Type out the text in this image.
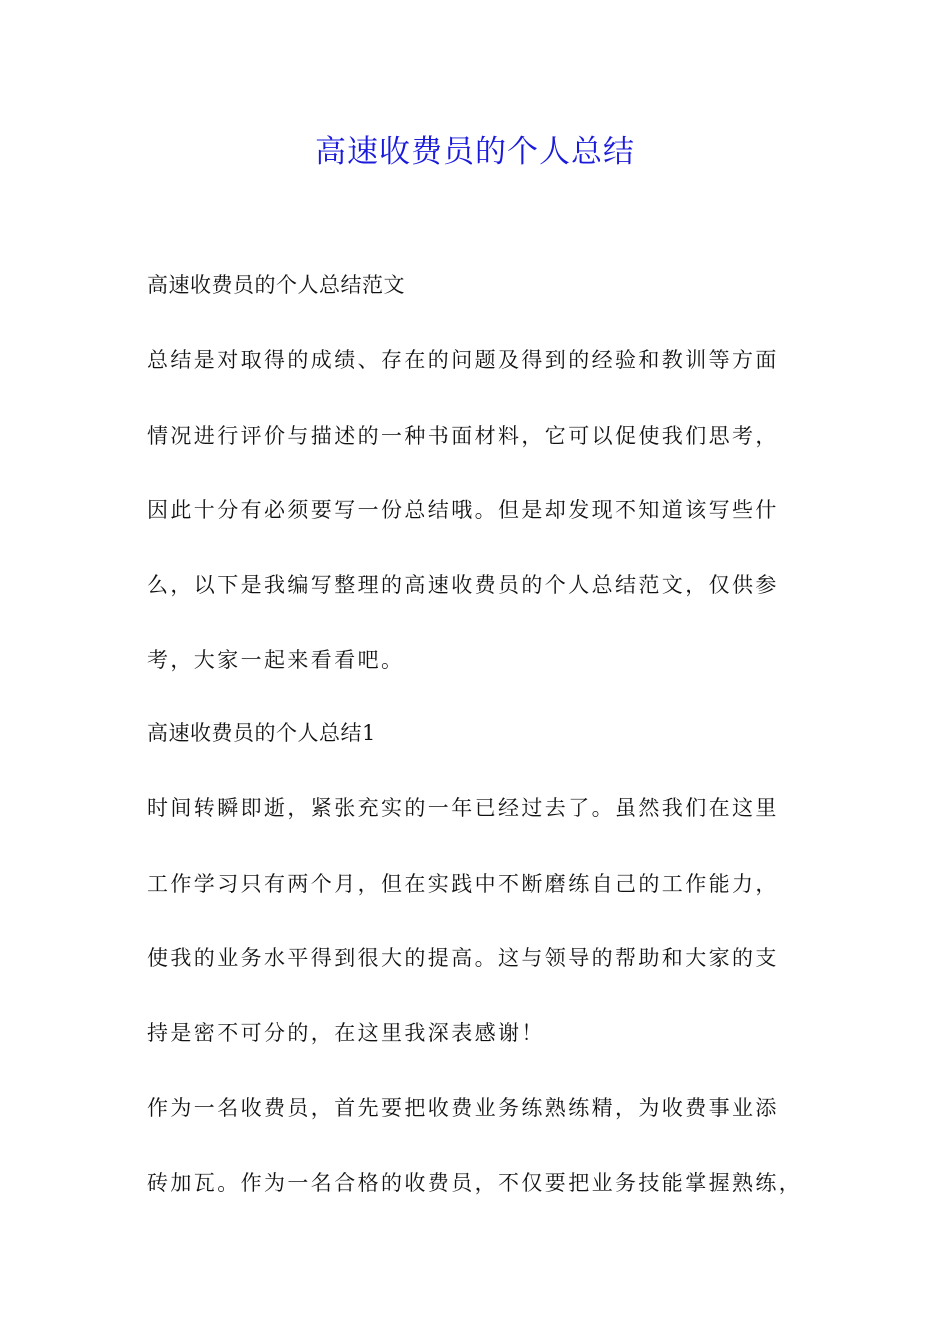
高速收费员的个人总结
高速收费员的个人总结范文
总结是对取得的成绩、存在的问题及得到的经验和教训等方面
情况进行评价与描述的一种书面材料，它可以促使我们思考，
因此十分有必须要写一份总结哦。但是却发现不知道该写些什
么，以下是我编写整理的高速收费员的个人总结范文，仅供参
考，大家一起来看看吧。
高速收费员的个人总结1
时间转瞬即逝，紧张充实的一年已经过去了。虽然我们在这里
工作学习只有两个月，但在实践中不断磨练自己的工作能力，
使我的业务水平得到很大的提高。这与领导的帮助和大家的支
持是密不可分的，在这里我深表感谢！
作为一名收费员，首先要把收费业务练熟练精，为收费事业添
砖加瓦。作为一名合格的收费员，不仅要把业务技能掌握熟练，
